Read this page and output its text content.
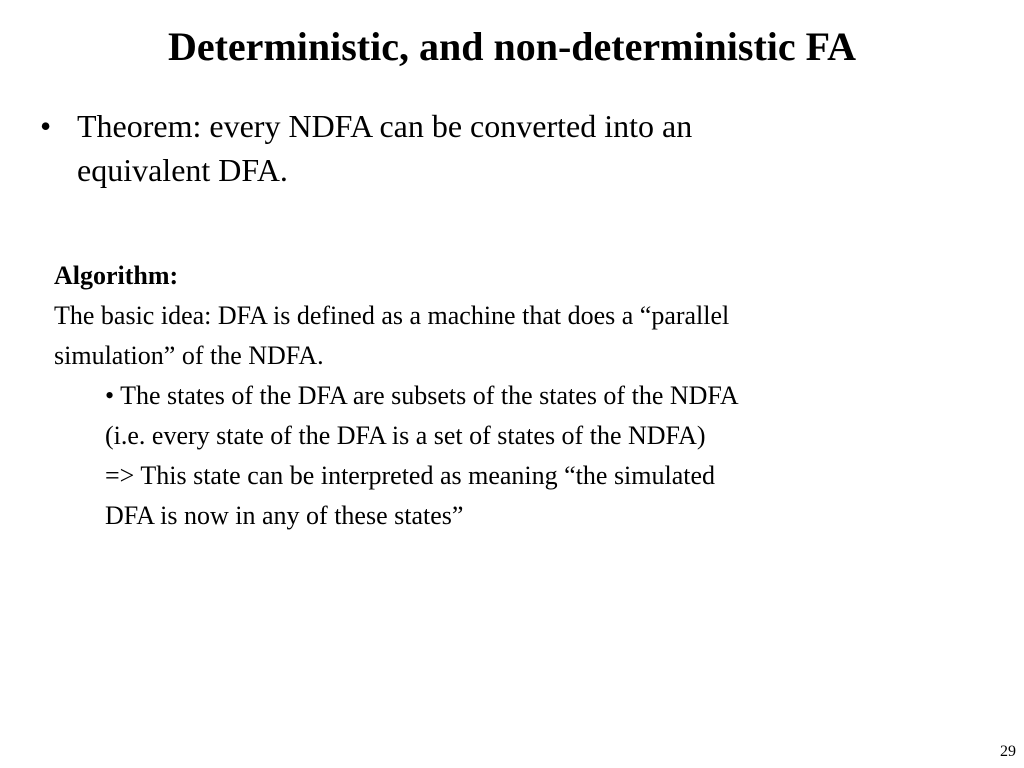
Deterministic, and non-deterministic FA
• Theorem: every NDFA can be converted into an
equivalent DFA.
Algorithm:
The basic idea: DFA is defined as a machine that does a “parallel
simulation” of the NDFA.
• The states of the DFA are subsets of the states of the NDFA
(i.e. every state of the DFA is a set of states of the NDFA)
=> This state can be interpreted as meaning “the simulated
DFA is now in any of these states”
29
